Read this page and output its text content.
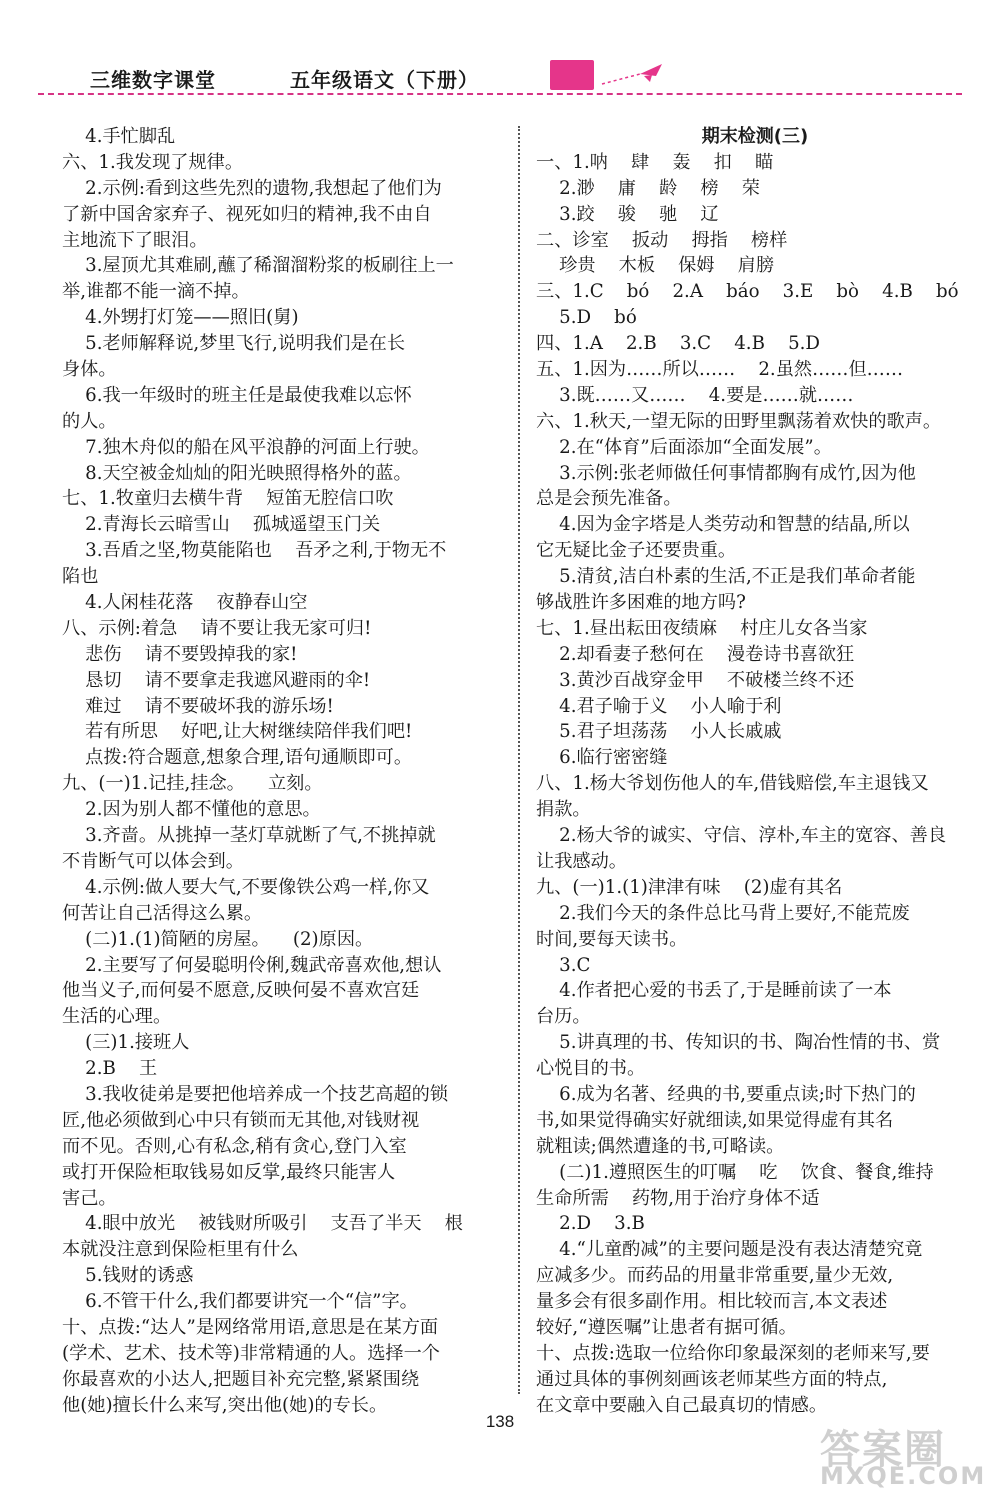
三维数字课堂	五年级语文（下册）
4.手忙脚乱
六、1.我发现了规律。
2.示例:看到这些先烈的遗物,我想起了他们为
了新中国舍家弃子、视死如归的精神,我不由自
主地流下了眼泪。
3.屋顶尤其难刷,蘸了稀溜溜粉浆的板刷往上一
举,谁都不能一滴不掉。
4.外甥打灯笼——照旧(舅)
5.老师解释说,梦里飞行,说明我们是在长
身体。
6.我一年级时的班主任是最使我难以忘怀
的人。
7.独木舟似的船在风平浪静的河面上行驶。
8.天空被金灿灿的阳光映照得格外的蓝。
七、1.牧童归去横牛背    短笛无腔信口吹
2.青海长云暗雪山    孤城遥望玉门关
3.吾盾之坚,物莫能陷也    吾矛之利,于物无不
陷也
4.人闲桂花落    夜静春山空
八、示例:着急    请不要让我无家可归!
悲伤    请不要毁掉我的家!
恳切    请不要拿走我遮风避雨的伞!
难过    请不要破坏我的游乐场!
若有所思    好吧,让大树继续陪伴我们吧!
点拨:符合题意,想象合理,语句通顺即可。
九、(一)1.记挂,挂念。    立刻。
2.因为别人都不懂他的意思。
3.齐啬。从挑掉一茎灯草就断了气,不挑掉就
不肯断气可以体会到。
4.示例:做人要大气,不要像铁公鸡一样,你又
何苦让自己活得这么累。
(二)1.(1)简陋的房屋。    (2)原因。
2.主要写了何晏聪明伶俐,魏武帝喜欢他,想认
他当义子,而何晏不愿意,反映何晏不喜欢宫廷
生活的心理。
(三)1.接班人
2.B    王
3.我收徒弟是要把他培养成一个技艺高超的锁
匠,他必须做到心中只有锁而无其他,对钱财视
而不见。否则,心有私念,稍有贪心,登门入室
或打开保险柜取钱易如反掌,最终只能害人
害己。
4.眼中放光    被钱财所吸引    支吾了半天    根
本就没注意到保险柜里有什么
5.钱财的诱惑
6.不管干什么,我们都要讲究一个“信”字。
十、点拨:“达人”是网络常用语,意思是在某方面
(学术、艺术、技术等)非常精通的人。选择一个
你最喜欢的小达人,把题目补充完整,紧紧围绕
他(她)擅长什么来写,突出他(她)的专长。
期末检测(三)
一、1.呐    肆    轰    扣    瞄
2.渺    庸    龄    榜    荣
3.跤    骏    驰    辽
二、诊室    扳动    拇指    榜样
珍贵    木板    保姆    肩膀
三、1.C    bó    2.A    báo    3.E    bò    4.B    bó
5.D    bó
四、1.A    2.B    3.C    4.B    5.D
五、1.因为……所以……    2.虽然……但……
3.既……又……    4.要是……就……
六、1.秋天,一望无际的田野里飘荡着欢快的歌声。
2.在“体育”后面添加“全面发展”。
3.示例:张老师做任何事情都胸有成竹,因为他
总是会预先准备。
4.因为金字塔是人类劳动和智慧的结晶,所以
它无疑比金子还要贵重。
5.清贫,洁白朴素的生活,不正是我们革命者能
够战胜许多困难的地方吗?
七、1.昼出耘田夜绩麻    村庄儿女各当家
2.却看妻子愁何在    漫卷诗书喜欲狂
3.黄沙百战穿金甲    不破楼兰终不还
4.君子喻于义    小人喻于利
5.君子坦荡荡    小人长戚戚
6.临行密密缝
八、1.杨大爷划伤他人的车,借钱赔偿,车主退钱又
捐款。
2.杨大爷的诚实、守信、淳朴,车主的宽容、善良
让我感动。
九、(一)1.(1)津津有味    (2)虚有其名
2.我们今天的条件总比马背上要好,不能荒废
时间,要每天读书。
3.C
4.作者把心爱的书丢了,于是睡前读了一本
台历。
5.讲真理的书、传知识的书、陶冶性情的书、赏
心悦目的书。
6.成为名著、经典的书,要重点读;时下热门的
书,如果觉得确实好就细读,如果觉得虚有其名
就粗读;偶然遭逢的书,可略读。
(二)1.遵照医生的叮嘱    吃    饮食、餐食,维持
生命所需    药物,用于治疗身体不适
2.D    3.B
4.“儿童酌减”的主要问题是没有表达清楚究竟
应减多少。而药品的用量非常重要,量少无效,
量多会有很多副作用。相比较而言,本文表述
较好,“遵医嘱”让患者有据可循。
十、点拨:选取一位给你印象最深刻的老师来写,要
通过具体的事例刻画该老师某些方面的特点,
在文章中要融入自己最真切的情感。
138
答案圈
MXQE.COM
